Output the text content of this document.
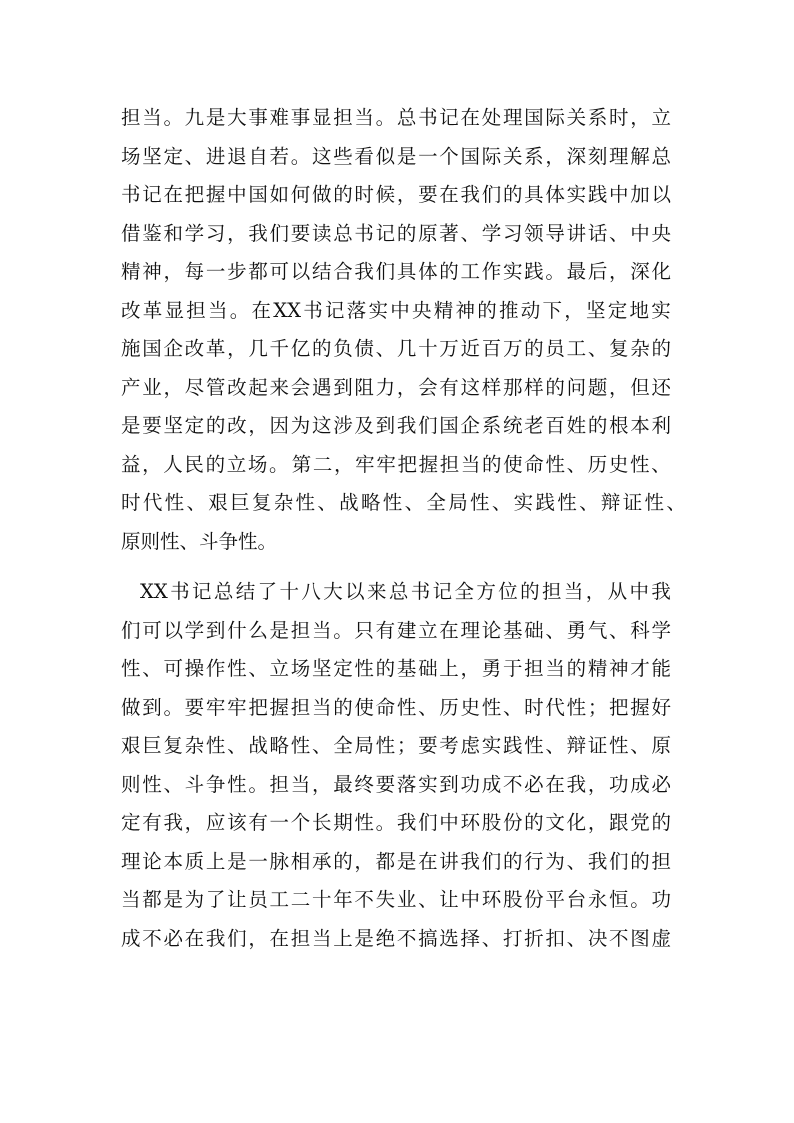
担 当 。 九 是 大 事 难 事 显 担 当 。 总 书 记 在 处 理 国 际 关 系 时 ， 立
场 坚 定 、 进 退 自 若 。 这 些 看 似 是 一 个 国 际 关 系 ， 深 刻 理 解 总
书 记 在 把 握 中 国 如 何 做 的 时 候 ， 要 在 我 们 的 具 体 实 践 中 加 以
借 鉴 和 学 习 ， 我 们 要 读 总 书 记 的 原 著 、 学 习 领 导 讲 话 、 中 央
精 神 ， 每 一 步 都 可 以 结 合 我 们 具 体 的 工 作 实 践 。 最 后 ， 深 化
改 革 显 担 当 。 在 XX 书 记 落 实 中 央 精 神 的 推 动 下 ， 坚 定 地 实
施 国 企 改 革 ， 几 千 亿 的 负 债 、 几 十 万 近 百 万 的 员 工 、 复 杂 的
产 业 ， 尽 管 改 起 来 会 遇 到 阻 力 ， 会 有 这 样 那 样 的 问 题 ， 但 还
是 要 坚 定 的 改 ， 因 为 这 涉 及 到 我 们 国 企 系 统 老 百 姓 的 根 本 利
益 ， 人 民 的 立 场 。 第 二 ， 牢 牢 把 握 担 当 的 使 命 性 、 历 史 性 、
时 代 性 、 艰 巨 复 杂 性 、 战 略 性 、 全 局 性 、 实 践 性 、 辩 证 性 、
原则性、斗争性。
XX 书 记 总 结 了 十 八 大 以 来 总 书 记 全 方 位 的 担 当 ， 从 中 我
们 可 以 学 到 什 么 是 担 当 。 只 有 建 立 在 理 论 基 础 、 勇 气 、 科 学
性 、 可 操 作 性 、 立 场 坚 定 性 的 基 础 上 ， 勇 于 担 当 的 精 神 才 能
做 到 。 要 牢 牢 把 握 担 当 的 使 命 性 、 历 史 性 、 时 代 性 ； 把 握 好
艰 巨 复 杂 性 、 战 略 性 、 全 局 性 ； 要 考 虑 实 践 性 、 辩 证 性 、 原
则 性 、 斗 争 性 。 担 当 ， 最 终 要 落 实 到 功 成 不 必 在 我 ， 功 成 必
定 有 我 ， 应 该 有 一 个 长 期 性 。 我 们 中 环 股 份 的 文 化 ， 跟 党 的
理 论 本 质 上 是 一 脉 相 承 的 ， 都 是 在 讲 我 们 的 行 为 、 我 们 的 担
当 都 是 为 了 让 员 工 二 十 年 不 失 业 、 让 中 环 股 份 平 台 永 恒 。 功
成 不 必 在 我 们 ， 在 担 当 上 是 绝 不 搞 选 择 、 打 折 扣 、 决 不 图 虚
